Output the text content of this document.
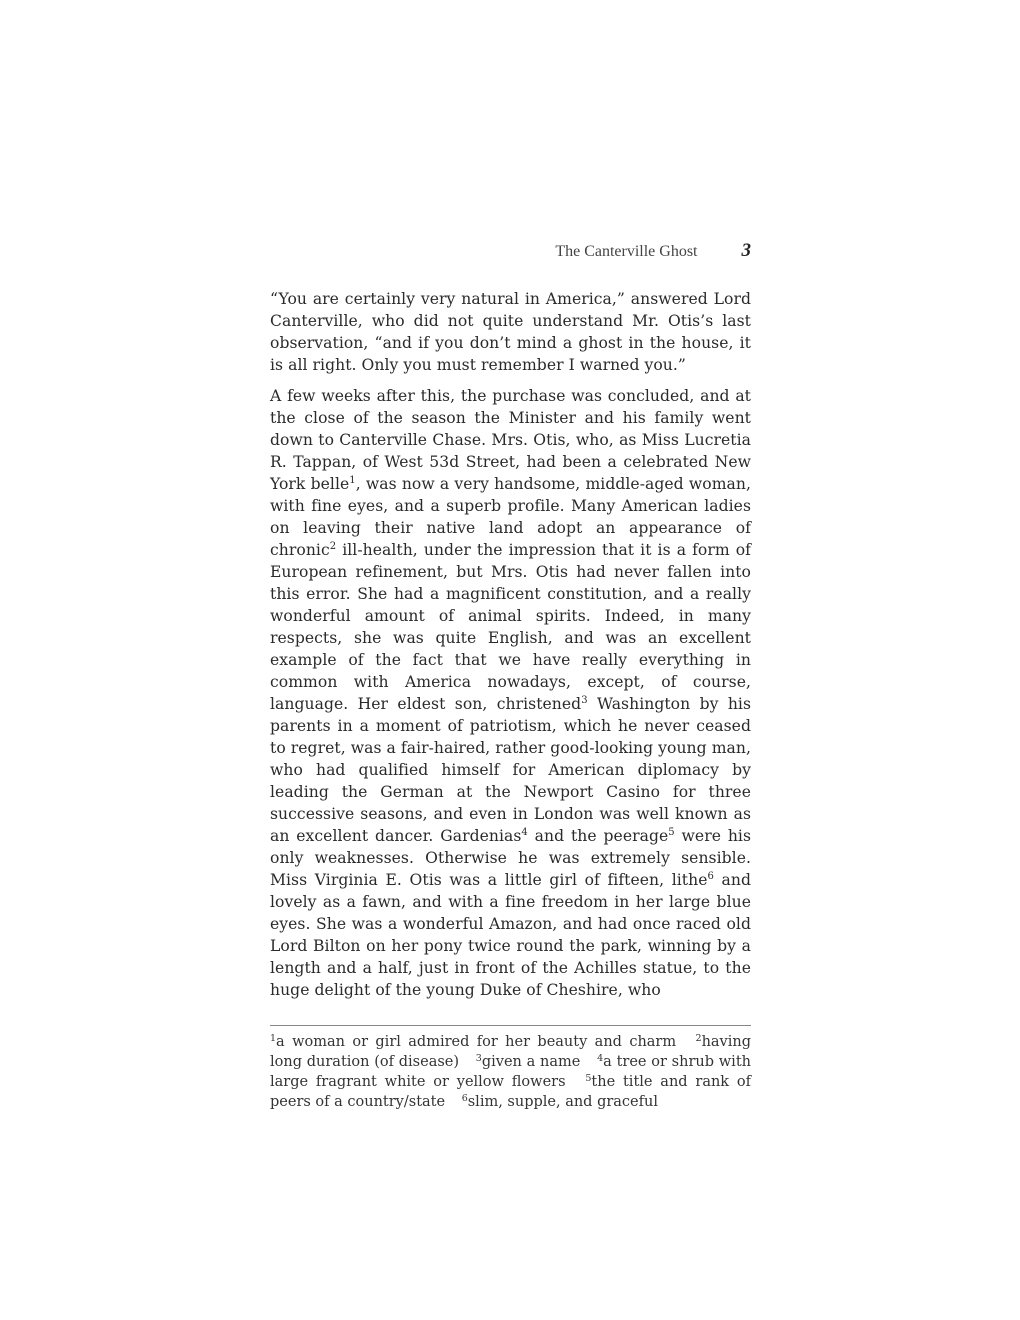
The Canterville Ghost 3

“You are certainly very natural in America,” answered Lord Canterville, who did not quite understand Mr. Otis’s last observation, “and if you don’t mind a ghost in the house, it is all right. Only you must remember I warned you.”

A few weeks after this, the purchase was concluded, and at the close of the season the Minister and his family went down to Canterville Chase. Mrs. Otis, who, as Miss Lucretia R. Tappan, of West 53d Street, had been a celebrated New York belle$^1$, was now a very handsome, middle-aged woman, with fine eyes, and a superb profile. Many American ladies on leaving their native land adopt an appearance of chronic$^2$ ill-health, under the impression that it is a form of European refinement, but Mrs. Otis had never fallen into this error. She had a magnificent constitution, and a really wonderful amount of animal spirits. Indeed, in many respects, she was quite English, and was an excellent example of the fact that we have really everything in common with America nowadays, except, of course, language. Her eldest son, christened$^3$ Washington by his parents in a moment of patriotism, which he never ceased to regret, was a fair-haired, rather good-looking young man, who had qualified himself for American diplomacy by leading the German at the Newport Casino for three successive seasons, and even in London was well known as an excellent dancer. Gardenias$^4$ and the peerage$^5$ were his only weaknesses. Otherwise he was extremely sensible. Miss Virginia E. Otis was a little girl of fifteen, lithe$^6$ and lovely as a fawn, and with a fine freedom in her large blue eyes. She was a wonderful Amazon, and had once raced old Lord Bilton on her pony twice round the park, winning by a length and a half, just in front of the Achilles statue, to the huge delight of the young Duke of Cheshire, who

$^1$a woman or girl admired for her beauty and charm $^2$having long duration (of disease) $^3$given a name $^4$a tree or shrub with large fragrant white or yellow flowers $^5$the title and rank of peers of a country/state $^6$slim, supple, and graceful
